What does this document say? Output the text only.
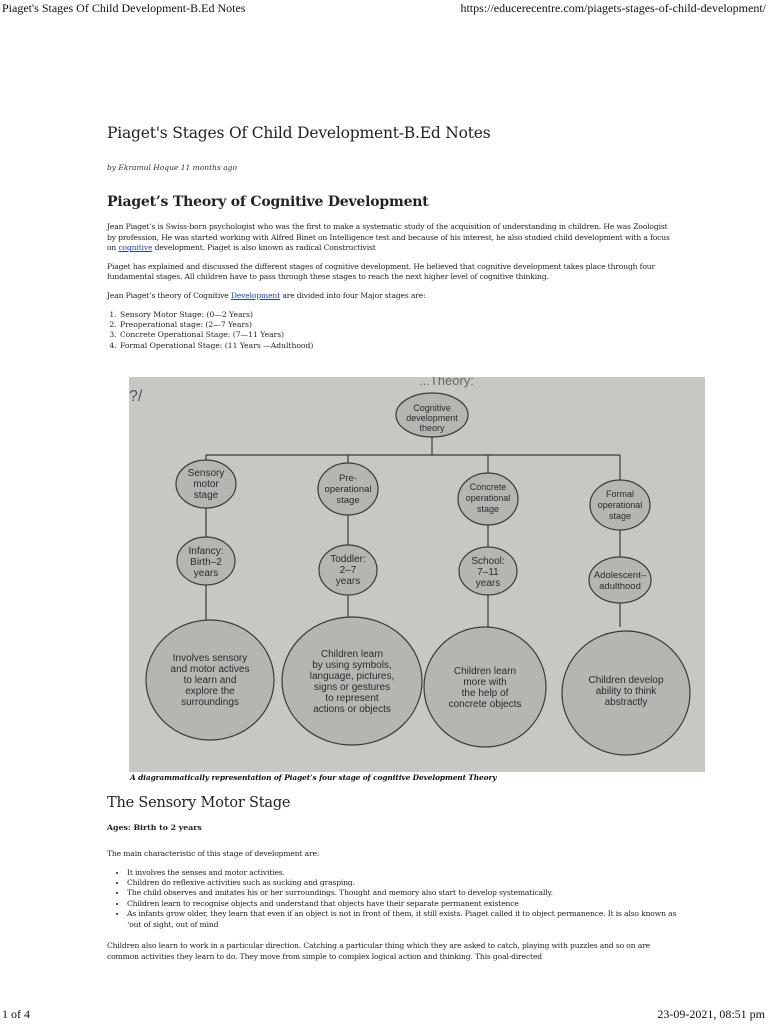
Piaget's Stages Of Child Development-B.Ed Notes	https://educerecentre.com/piagets-stages-of-child-development/
Piaget's Stages Of Child Development-B.Ed Notes
by Ekramul Hoque 11 months ago
Piaget’s Theory of Cognitive Development

Jean Piaget’s is Swiss-born psychologist who was the first to make a systematic study of the acquisition of understanding in children. He was Zoologist by profession, He was started working with Alfred Binet on Intelligence test and because of his interest, he also studied child development with a focus on cognitive development. Piaget is also known as radical Constructivist

Piaget has explained and discussed the different stages of cognitive development. He believed that cognitive development takes place through four fundamental stages. All children have to pass through these stages to reach the next higher level of cognitive thinking.

Jean Piaget’s theory of Cognitive Development are divided into four Major stages are:

1. Sensory Motor Stage: (0—2 Years)
2. Preoperational stage: (2—7 Years)
3. Concrete Operational Stage: (7—11 Years)
4. Formal Operational Stage: (11 Years —Adulthood)
...Theory:
?/
Cognitive
development
theory
Sensory
motor
stage
Pre-
operational
stage
Concrete
operational
stage
Formal
operational
stage
Infancy:
Birth–2
years
Toddler:
2–7
years
School:
7–11
years
Adolescent–
adulthood
Involves sensory
and motor actives
to learn and
explore the
surroundings
Children learn
by using symbols,
language, pictures,
signs or gestures
to represent
actions or objects
Children learn
more with
the help of
concrete objects
Children develop
ability to think
abstractly
A diagrammatically representation of Piaget’s four stage of cognitive Development Theory
The Sensory Motor Stage
Ages: Birth to 2 years

The main characteristic of this stage of development are:

• It involves the senses and motor activities.
• Children do reflexive activities such as sucking and grasping.
• The child observes and imitates his or her surroundings. Thought and memory also start to develop systematically.
• Children learn to recognise objects and understand that objects have their separate permanent existence
• As infants grow older, they learn that even if an object is not in front of them, it still exists. Piaget called it to object permanence. It is also known as ‘out of sight, out of mind

Children also learn to work in a particular direction. Catching a particular thing which they are asked to catch, playing with puzzles and so on are common activities they learn to do. They move from simple to complex logical action and thinking. This goal-directed

1 of 4	23-09-2021, 08:51 pm
